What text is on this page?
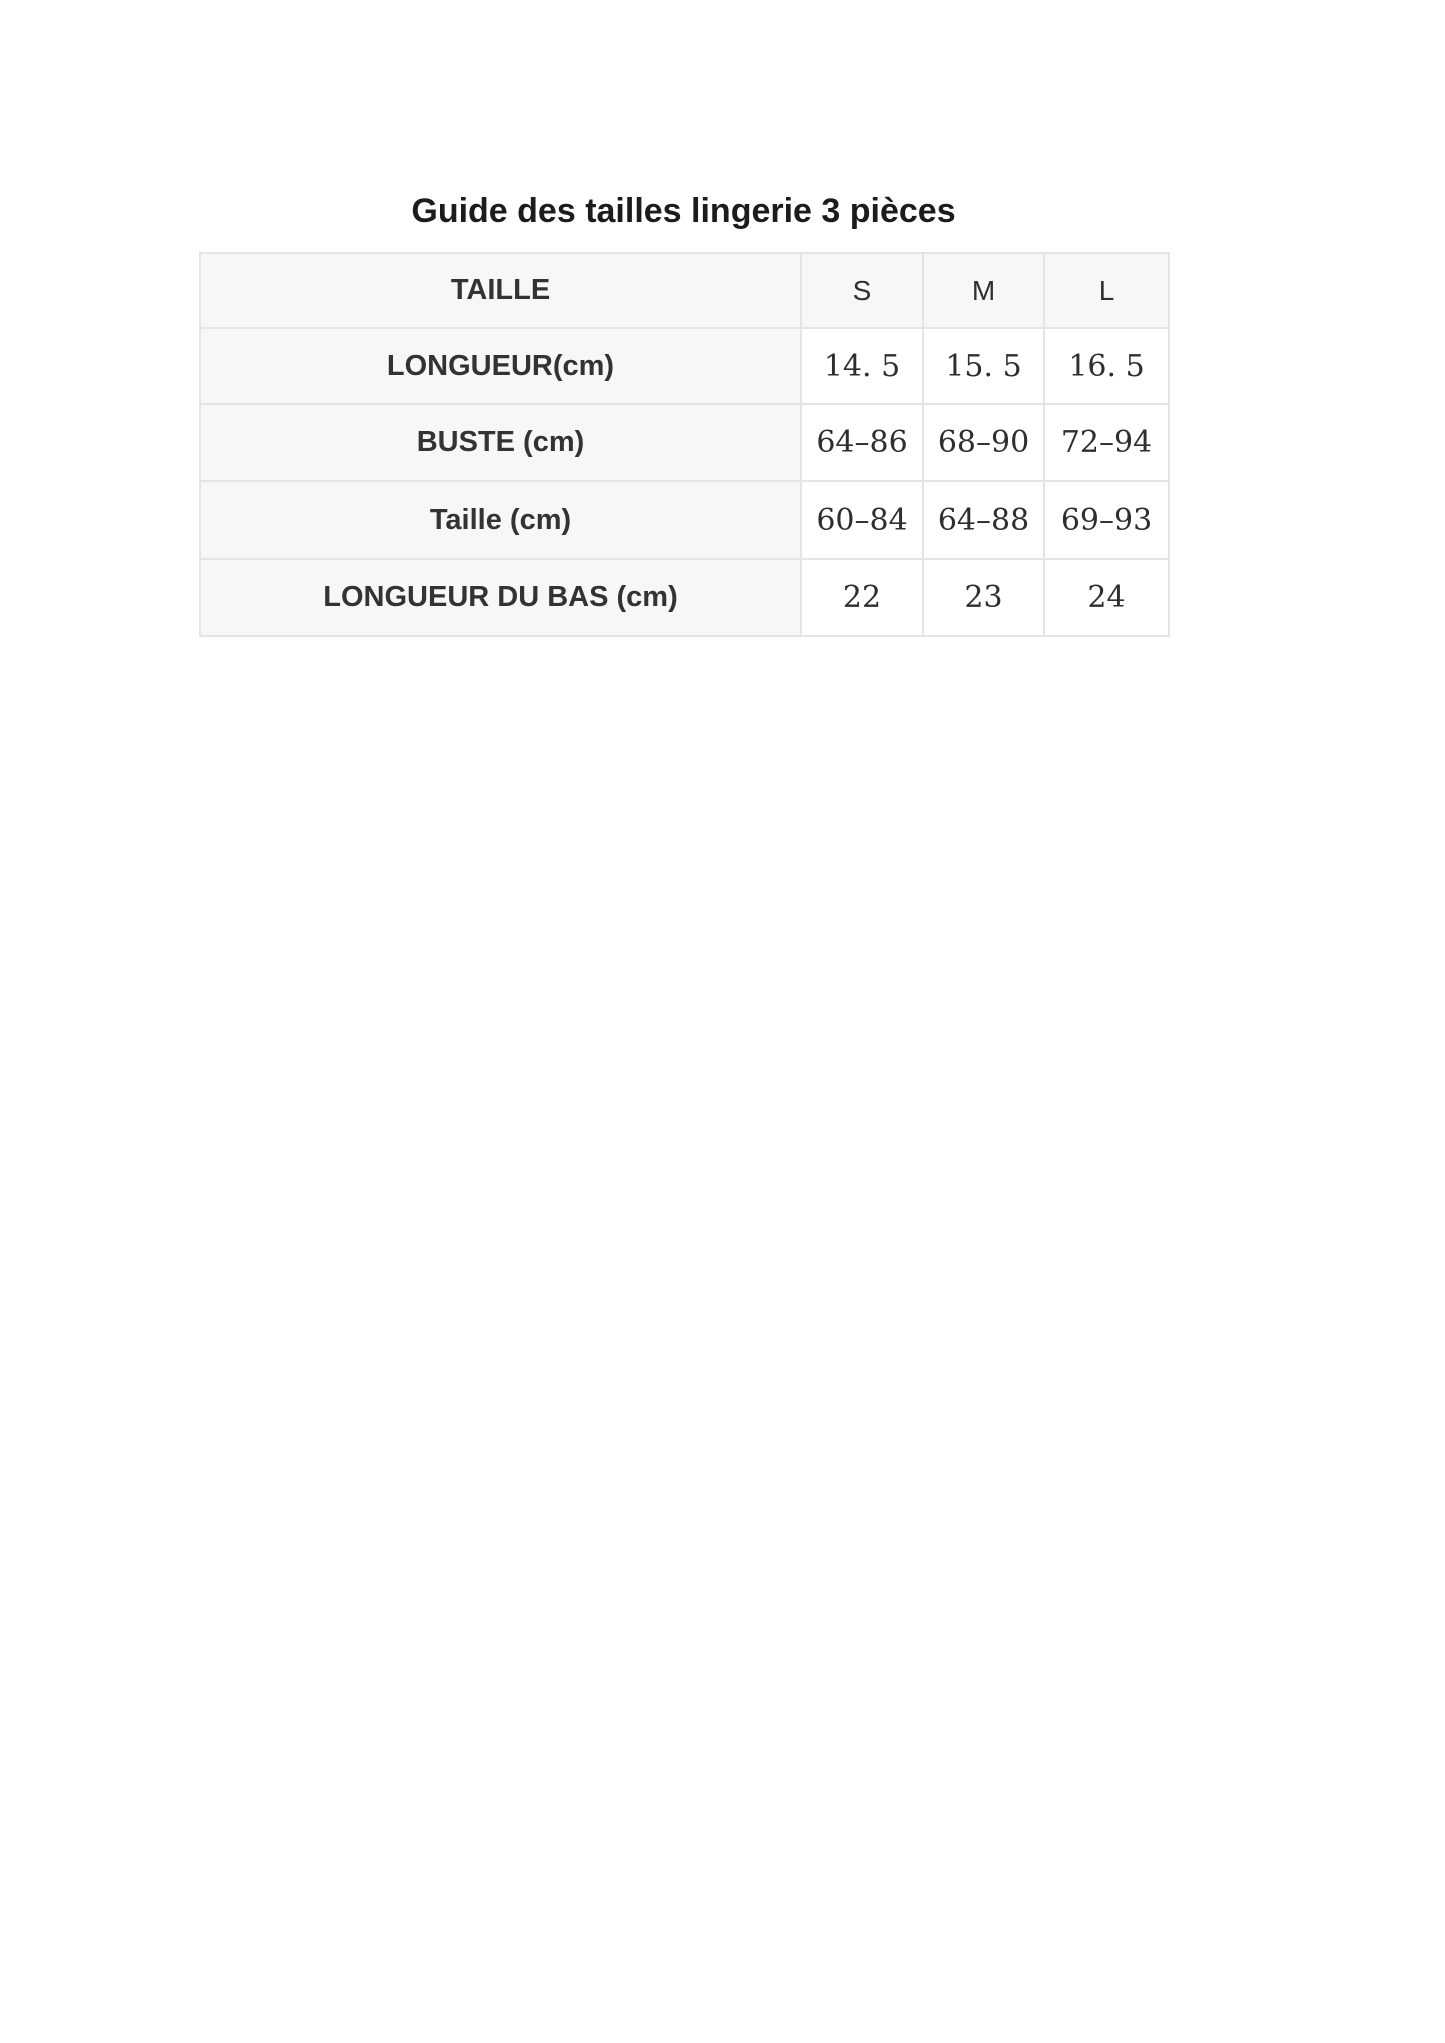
Guide des tailles lingerie 3 pièces
TAILLE	S	M	L
LONGUEUR(cm)	14. 5	15. 5	16. 5
BUSTE (cm)	64–86	68–90	72–94
Taille (cm)	60–84	64–88	69–93
LONGUEUR DU BAS (cm)	22	23	24
